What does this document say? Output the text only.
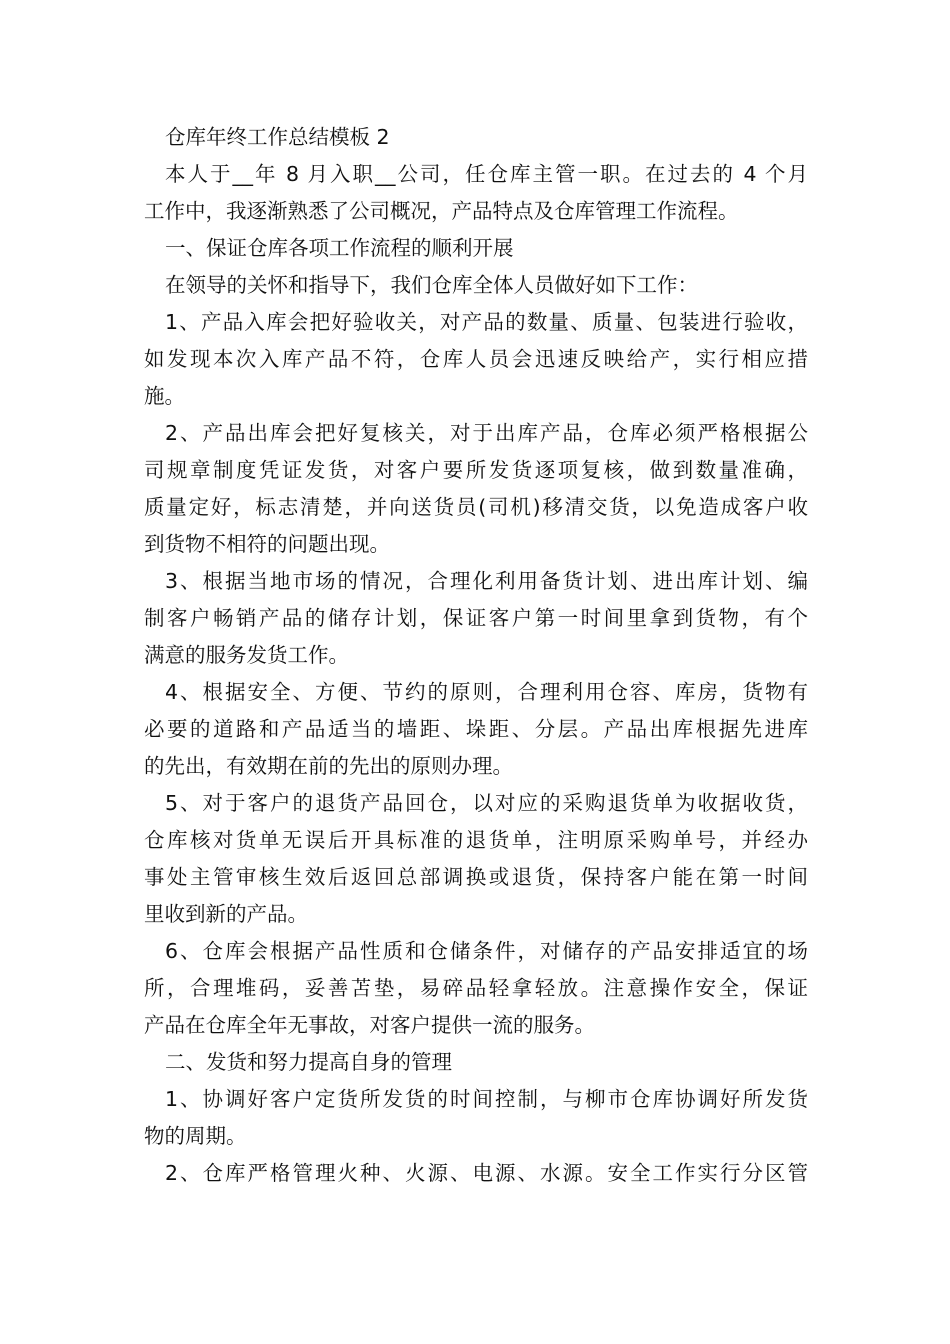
仓库年终工作总结模板 2
本人于__年 8 月入职__公司，任仓库主管一职。在过去的 4 个月
工作中，我逐渐熟悉了公司概况，产品特点及仓库管理工作流程。
一、保证仓库各项工作流程的顺利开展
在领导的关怀和指导下，我们仓库全体人员做好如下工作：
1、产品入库会把好验收关，对产品的数量、质量、包装进行验收，
如发现本次入库产品不符，仓库人员会迅速反映给产，实行相应措
施。
2、产品出库会把好复核关，对于出库产品，仓库必须严格根据公
司规章制度凭证发货，对客户要所发货逐项复核，做到数量准确，
质量定好，标志清楚，并向送货员(司机)移清交货，以免造成客户收
到货物不相符的问题出现。
3、根据当地市场的情况，合理化利用备货计划、进出库计划、编
制客户畅销产品的储存计划，保证客户第一时间里拿到货物，有个
满意的服务发货工作。
4、根据安全、方便、节约的原则，合理利用仓容、库房，货物有
必要的道路和产品适当的墙距、垛距、分层。产品出库根据先进库
的先出，有效期在前的先出的原则办理。
5、对于客户的退货产品回仓，以对应的采购退货单为收据收货，
仓库核对货单无误后开具标准的退货单，注明原采购单号，并经办
事处主管审核生效后返回总部调换或退货，保持客户能在第一时间
里收到新的产品。
6、仓库会根据产品性质和仓储条件，对储存的产品安排适宜的场
所，合理堆码，妥善苫垫，易碎品轻拿轻放。注意操作安全，保证
产品在仓库全年无事故，对客户提供一流的服务。
二、发货和努力提高自身的管理
1、协调好客户定货所发货的时间控制，与柳市仓库协调好所发货
物的周期。
2、仓库严格管理火种、火源、电源、水源。安全工作实行分区管
